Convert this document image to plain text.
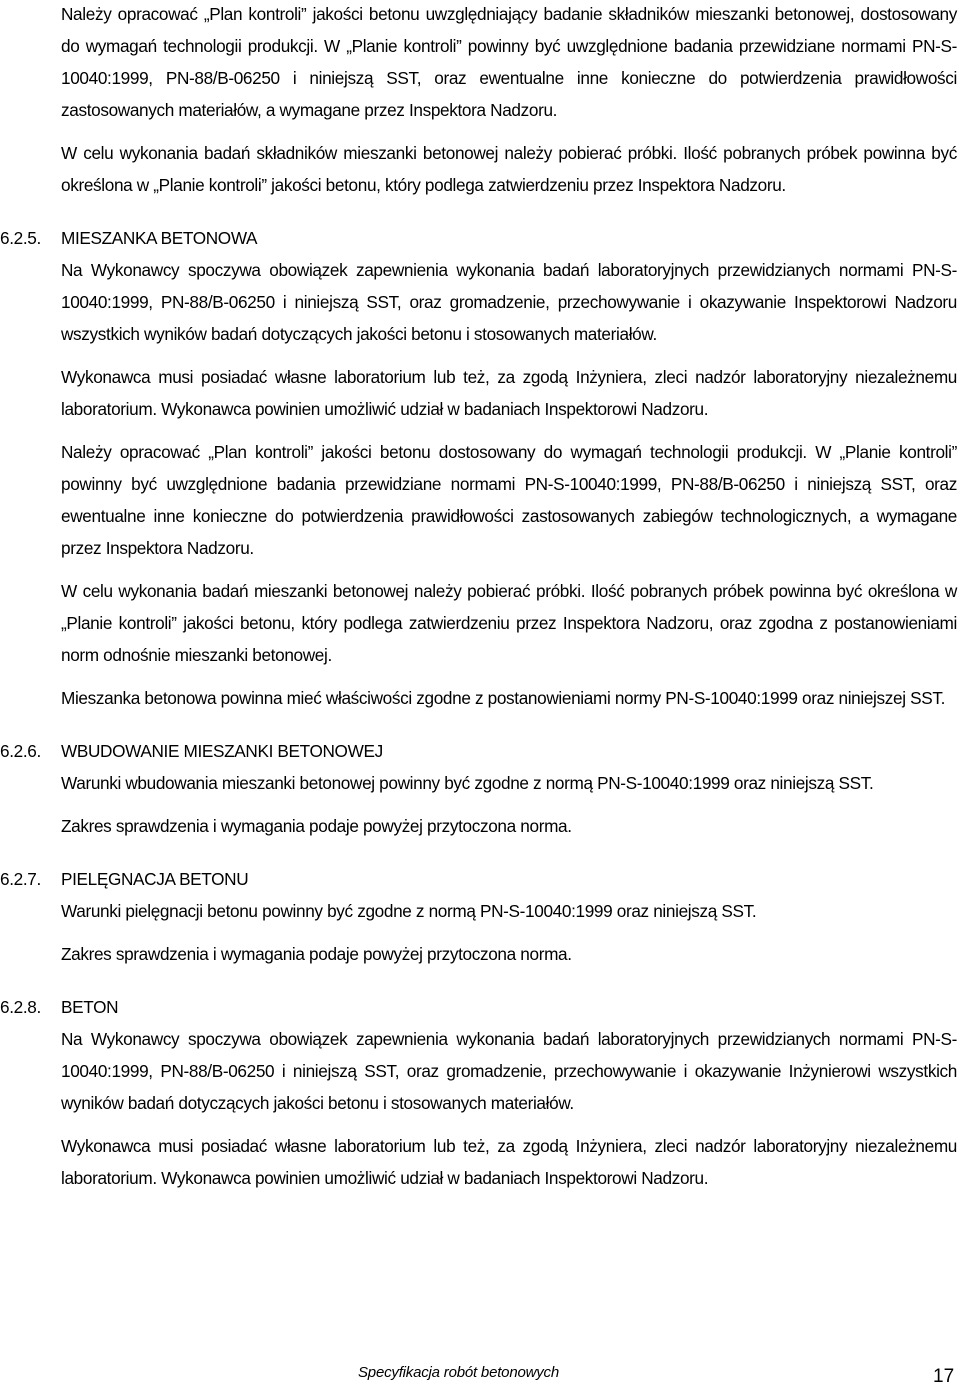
Należy opracować „Plan kontroli” jakości betonu uwzględniający badanie składników mieszanki betonowej, dostosowany do wymagań technologii produkcji. W „Planie kontroli” powinny być uwzględnione badania przewidziane normami PN-S-10040:1999, PN-88/B-06250 i niniejszą SST, oraz ewentualne inne konieczne do potwierdzenia prawidłowości zastosowanych materiałów, a wymagane przez Inspektora Nadzoru.

W celu wykonania badań składników mieszanki betonowej należy pobierać próbki. Ilość pobranych próbek powinna być określona w „Planie kontroli” jakości betonu, który podlega zatwierdzeniu przez Inspektora Nadzoru.

6.2.5. MIESZANKA BETONOWA

Na Wykonawcy spoczywa obowiązek zapewnienia wykonania badań laboratoryjnych przewidzianych normami PN-S-10040:1999, PN-88/B-06250 i niniejszą SST, oraz gromadzenie, przechowywanie i okazywanie Inspektorowi Nadzoru wszystkich wyników badań dotyczących jakości betonu i stosowanych materiałów.

Wykonawca musi posiadać własne laboratorium lub też, za zgodą Inżyniera, zleci nadzór laboratoryjny niezależnemu laboratorium. Wykonawca powinien umożliwić udział w badaniach Inspektorowi Nadzoru.

Należy opracować „Plan kontroli” jakości betonu dostosowany do wymagań technologii produkcji. W „Planie kontroli” powinny być uwzględnione badania przewidziane normami PN-S-10040:1999, PN-88/B-06250 i niniejszą SST, oraz ewentualne inne konieczne do potwierdzenia prawidłowości zastosowanych zabiegów technologicznych, a wymagane przez Inspektora Nadzoru.

W celu wykonania badań mieszanki betonowej należy pobierać próbki. Ilość pobranych próbek powinna być określona w „Planie kontroli” jakości betonu, który podlega zatwierdzeniu przez Inspektora Nadzoru, oraz zgodna z postanowieniami norm odnośnie mieszanki betonowej.

Mieszanka betonowa powinna mieć właściwości zgodne z postanowieniami normy PN-S-10040:1999 oraz niniejszej SST.

6.2.6. WBUDOWANIE MIESZANKI BETONOWEJ

Warunki wbudowania mieszanki betonowej powinny być zgodne z normą PN-S-10040:1999 oraz niniejszą SST.

Zakres sprawdzenia i wymagania podaje powyżej przytoczona norma.

6.2.7. PIELĘGNACJA BETONU

Warunki pielęgnacji betonu powinny być zgodne z normą PN-S-10040:1999 oraz niniejszą SST.

Zakres sprawdzenia i wymagania podaje powyżej przytoczona norma.

6.2.8. BETON

Na Wykonawcy spoczywa obowiązek zapewnienia wykonania badań laboratoryjnych przewidzianych normami PN-S-10040:1999, PN-88/B-06250 i niniejszą SST, oraz gromadzenie, przechowywanie i okazywanie Inżynierowi wszystkich wyników badań dotyczących jakości betonu i stosowanych materiałów.

Wykonawca musi posiadać własne laboratorium lub też, za zgodą Inżyniera, zleci nadzór laboratoryjny niezależnemu laboratorium. Wykonawca powinien umożliwić udział w badaniach Inspektorowi Nadzoru.

Specyfikacja robót betonowych	17
